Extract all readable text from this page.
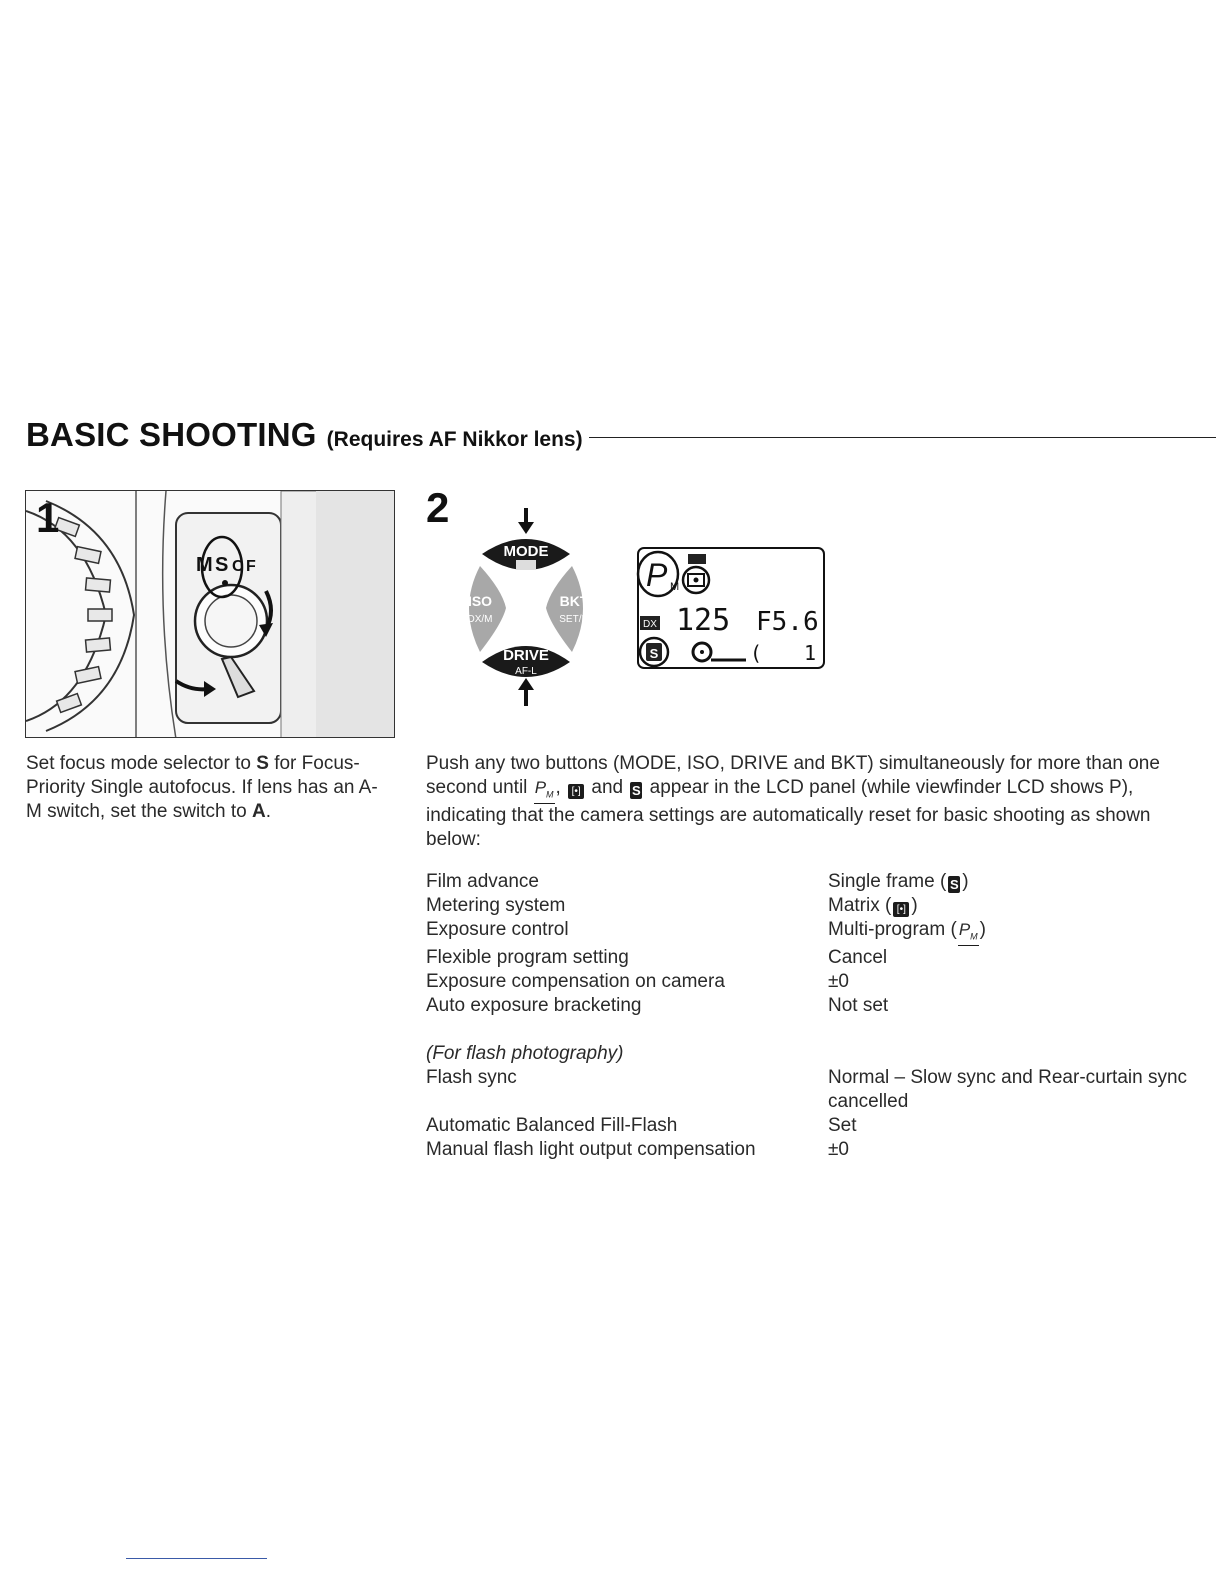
BASIC SHOOTING (Requires AF Nikkor lens)
M S C F
1	2
MODE
ISO
DX/M
BKT
SET/R
DRIVE
AF-L
P M
DX 125 F5.6
S	( 1
Set focus mode selector to S for Focus-Priority Single autofocus. If lens has an A-M switch, set the switch to A.
Push any two buttons (MODE, ISO, DRIVE and BKT) simultaneously for more than one second until $P_M$ , [•] and S appear in the LCD panel (while viewfinder LCD shows P), indicating that the camera settings are automatically reset for basic shooting as shown below:
Film advance	Single frame ( S )
Metering system	Matrix ( [•] )
Exposure control	Multi-program ( $P_M$ )
Flexible program setting	Cancel
Exposure compensation on camera	±0
Auto exposure bracketing	Not set
(For flash photography)
Flash sync	Normal – Slow sync and Rear-curtain sync cancelled
Automatic Balanced Fill-Flash	Set
Manual flash light output compensation	±0
